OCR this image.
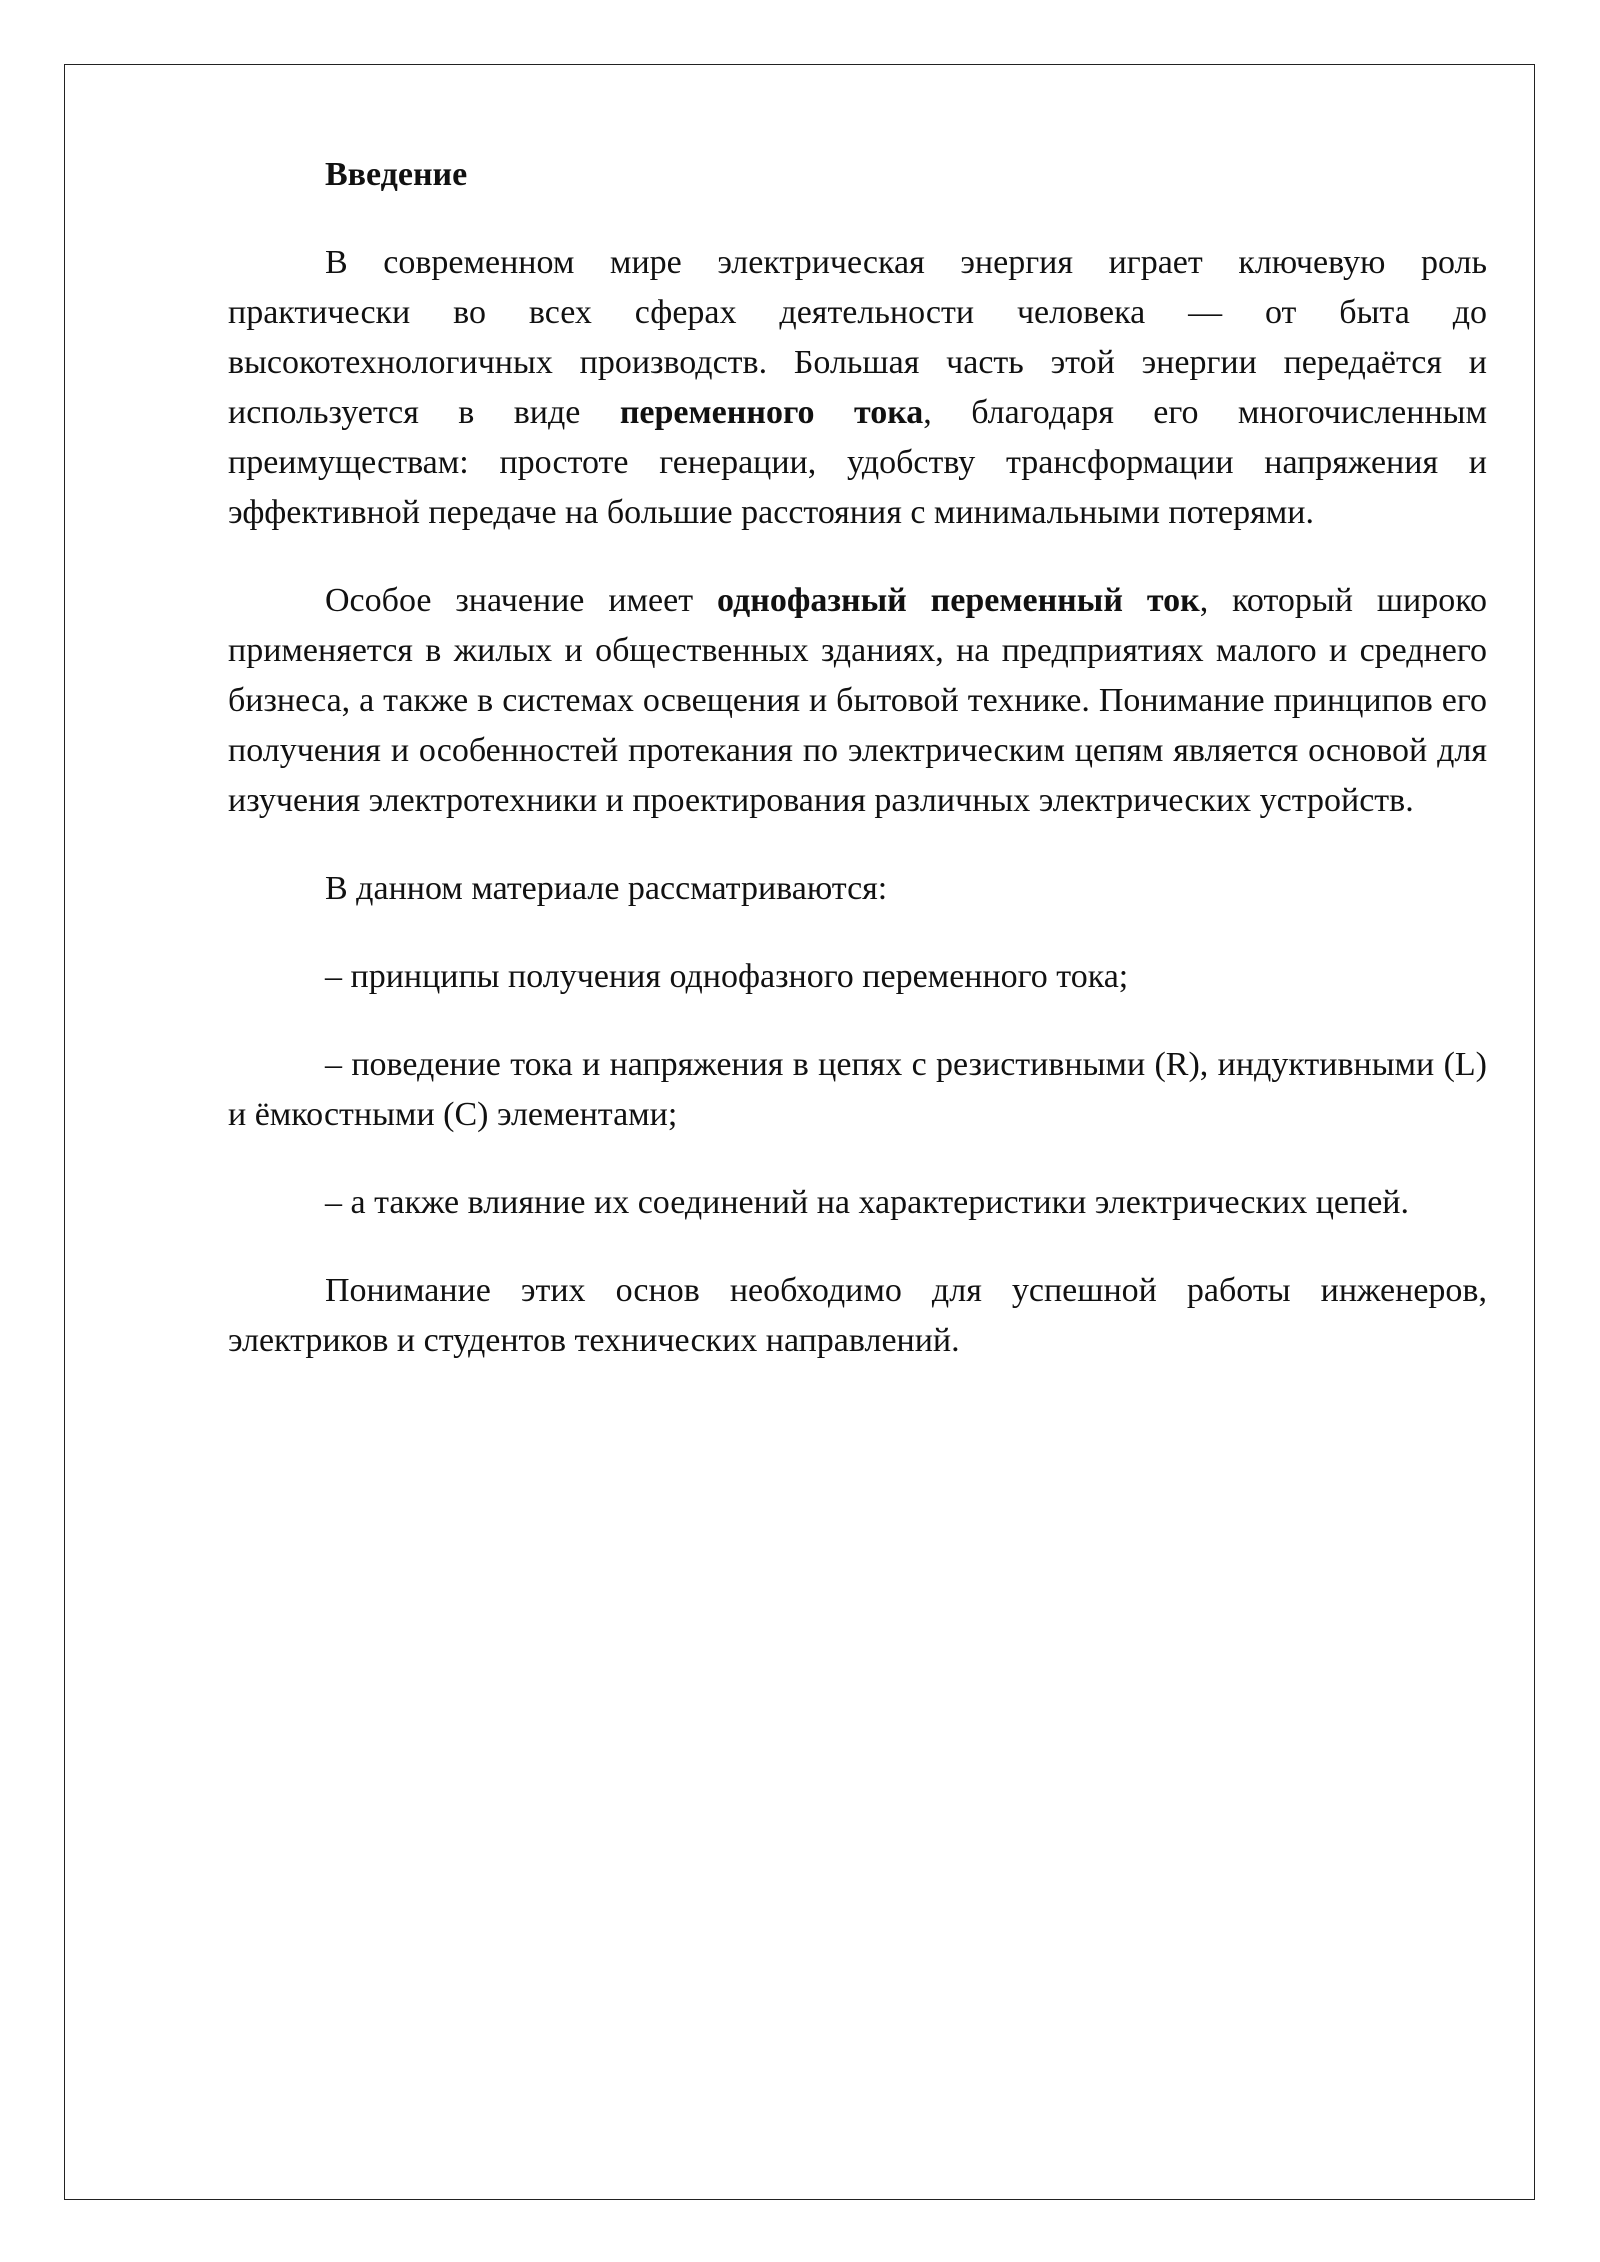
Введение

В современном мире электрическая энергия играет ключевую роль практически во всех сферах деятельности человека — от быта до высокотехнологичных производств. Большая часть этой энергии передаётся и используется в виде переменного тока, благодаря его многочисленным преимуществам: простоте генерации, удобству трансформации напряжения и эффективной передаче на большие расстояния с минимальными потерями.

Особое значение имеет однофазный переменный ток, который широко применяется в жилых и общественных зданиях, на предприятиях малого и среднего бизнеса, а также в системах освещения и бытовой технике. Понимание принципов его получения и особенностей протекания по электрическим цепям является основой для изучения электротехники и проектирования различных электрических устройств.

В данном материале рассматриваются:

– принципы получения однофазного переменного тока;

– поведение тока и напряжения в цепях с резистивными (R), индуктивными (L) и ёмкостными (C) элементами;

– а также влияние их соединений на характеристики электрических цепей.

Понимание этих основ необходимо для успешной работы инженеров, электриков и студентов технических направлений.
